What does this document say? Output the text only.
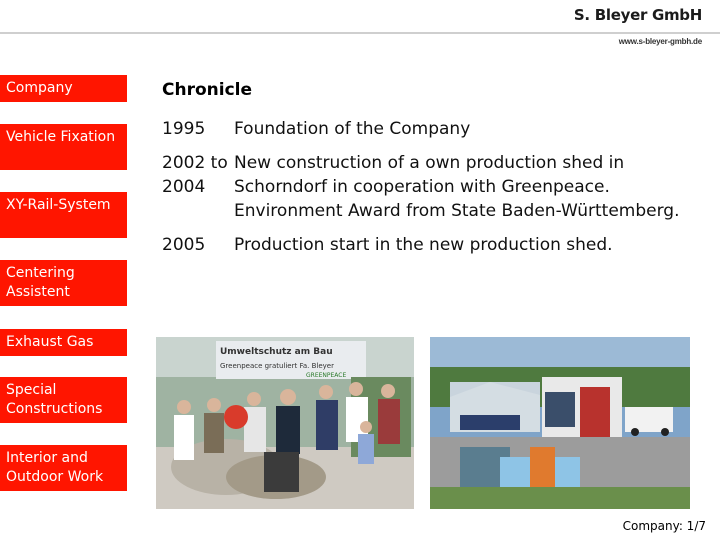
S. Bleyer GmbH
www.s-bleyer-gmbh.de
Company
Vehicle Fixation
XY-Rail-System
Centering Assistent
Exhaust Gas
Special Constructions
Interior and Outdoor Work
Chronicle
1995	Foundation of the Company
2002 to 2004
New construction of a own production shed in Schorndorf in cooperation with Greenpeace. Environment Award from State Baden-Württemberg.
2005	Production start in the new production shed.
Umweltschutz am Bau
Greenpeace gratuliert Fa. Bleyer
GREENPEACE
Company: 1/7
